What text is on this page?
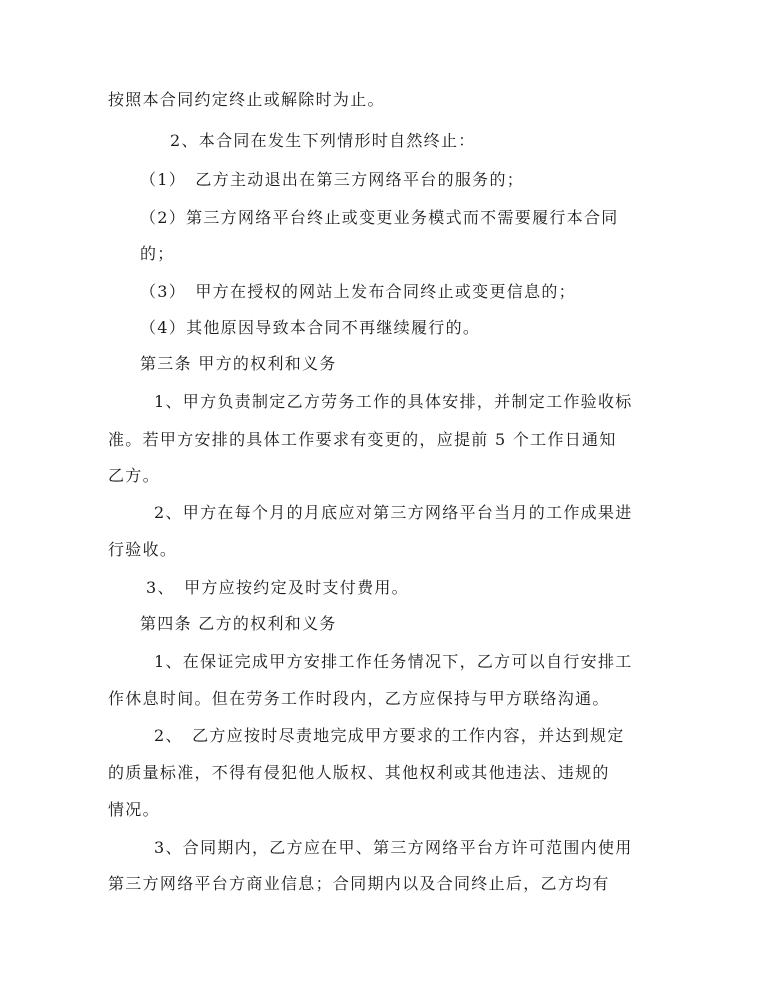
按照本合同约定终止或解除时为止。
2、本合同在发生下列情形时自然终止：
（1）　乙方主动退出在第三方网络平台的服务的；
（2）第三方网络平台终止或变更业务模式而不需要履行本合同
的；
（3）　甲方在授权的网站上发布合同终止或变更信息的；
（4）其他原因导致本合同不再继续履行的。
第三条 甲方的权利和义务
1、甲方负责制定乙方劳务工作的具体安排，并制定工作验收标
准。若甲方安排的具体工作要求有变更的，应提前 5 个工作日通知
乙方。
2、甲方在每个月的月底应对第三方网络平台当月的工作成果进
行验收。
3、　甲方应按约定及时支付费用。
第四条 乙方的权利和义务
1、在保证完成甲方安排工作任务情况下，乙方可以自行安排工
作休息时间。但在劳务工作时段内，乙方应保持与甲方联络沟通。
2、　乙方应按时尽责地完成甲方要求的工作内容，并达到规定
的质量标准，不得有侵犯他人版权、其他权利或其他违法、违规的
情况。
3、合同期内，乙方应在甲、第三方网络平台方许可范围内使用
第三方网络平台方商业信息；合同期内以及合同终止后，乙方均有
